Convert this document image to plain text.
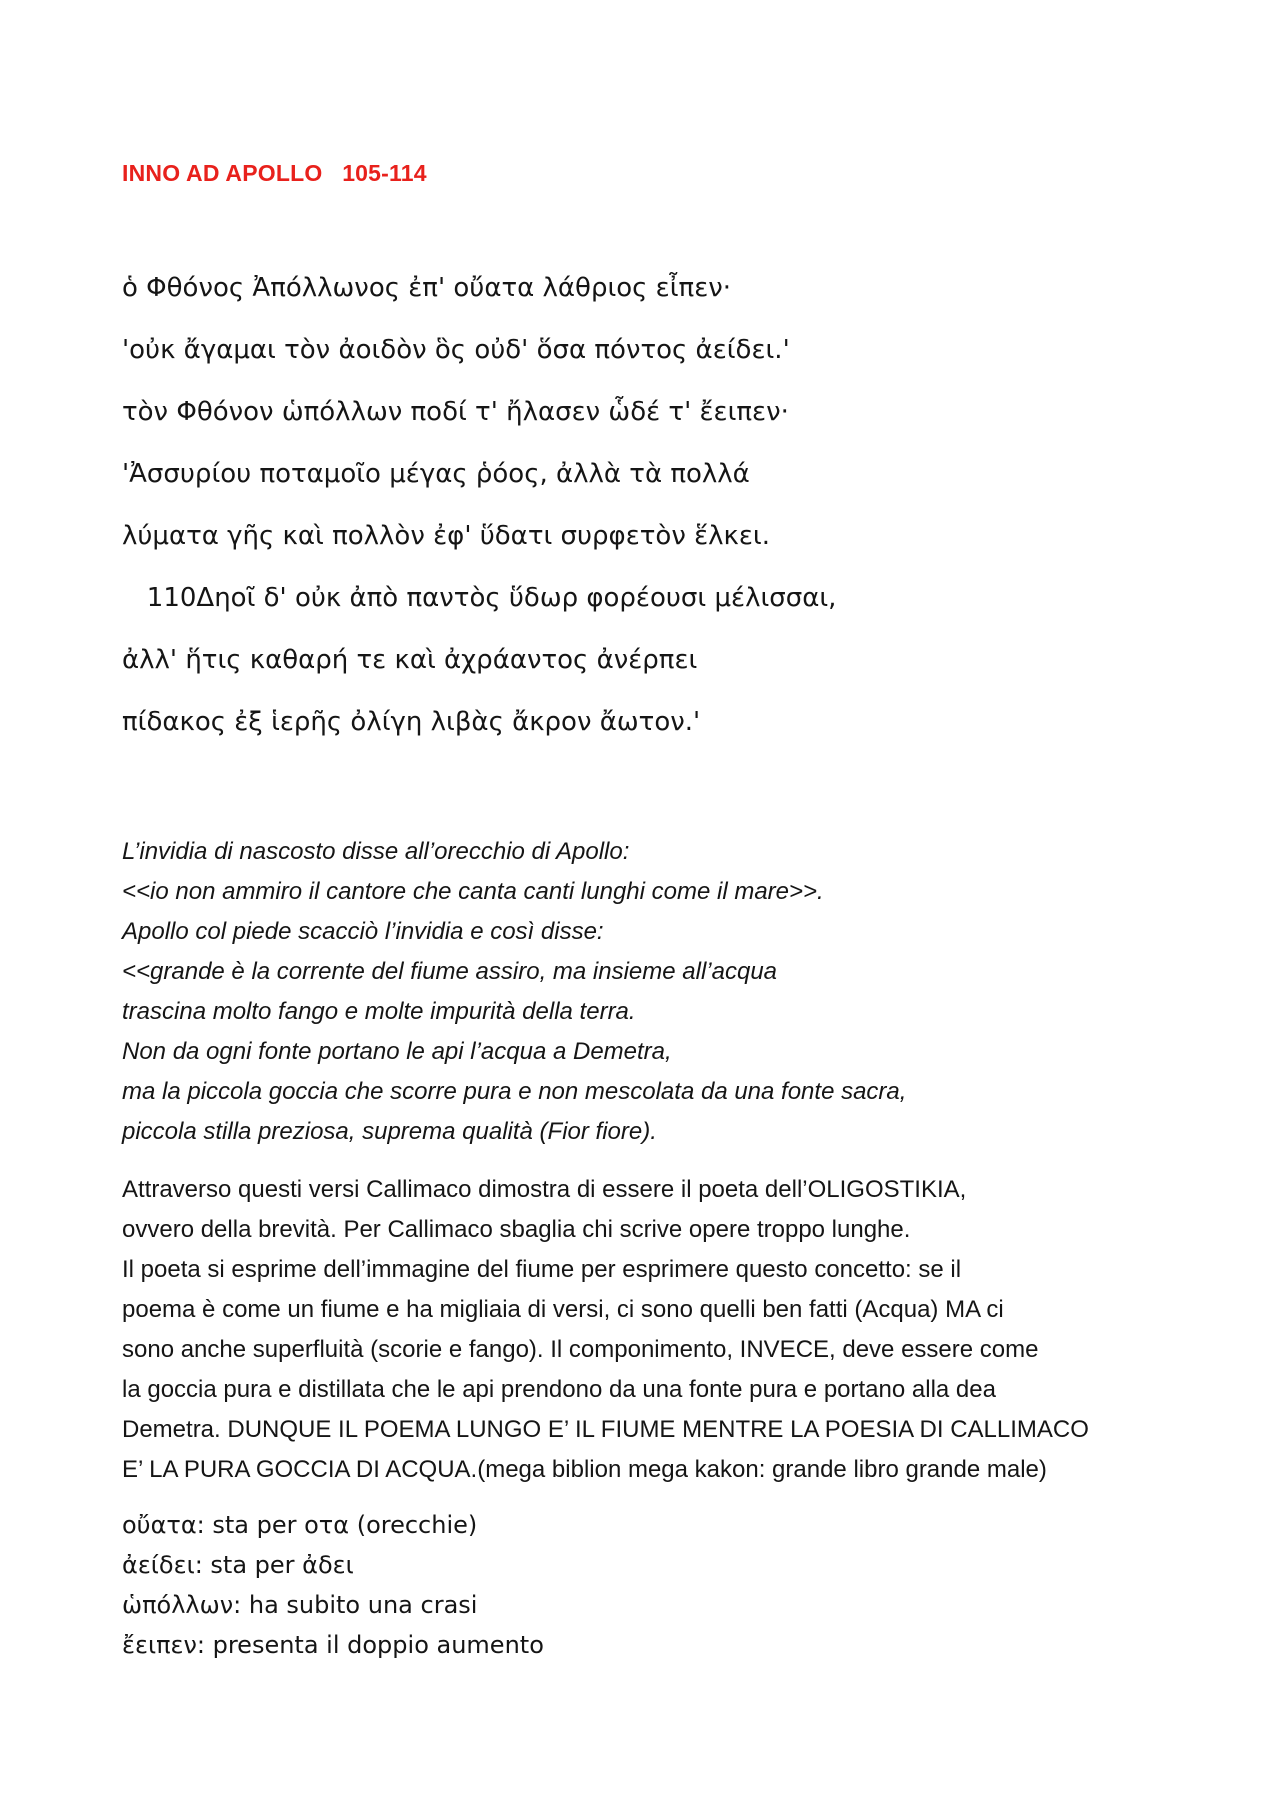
INNO AD APOLLO   105-114
ὁ Φθόνος Ἀπόλλωνος ἐπ' οὔατα λάθριος εἶπεν·
'οὐκ ἄγαμαι τὸν ἀοιδὸν ὃς οὐδ' ὅσα πόντος ἀείδει.'
τὸν Φθόνον ὡπόλλων ποδί τ' ἤλασεν ὧδέ τ' ἔειπεν·
'Ἀσσυρίου ποταμοῖο μέγας ῥόος, ἀλλὰ τὰ πολλά
λύματα γῆς καὶ πολλὸν ἐφ' ὕδατι συρφετὸν ἕλκει.
110Δηοῖ δ' οὐκ ἀπὸ παντὸς ὕδωρ φορέουσι μέλισσαι,
ἀλλ' ἥτις καθαρή τε καὶ ἀχράαντος ἀνέρπει
πίδακος ἐξ ἱερῆς ὀλίγη λιβὰς ἄκρον ἄωτον.'
L’invidia di nascosto disse all’orecchio di Apollo:
<<io non ammiro il cantore che canta canti lunghi come il mare>>.
Apollo col piede scacciò l’invidia e così disse:
<<grande è la corrente del fiume assiro, ma insieme all’acqua
trascina molto fango e molte impurità della terra.
Non da ogni fonte portano le api l’acqua a Demetra,
ma la piccola goccia che scorre pura e non mescolata da una fonte sacra,
piccola stilla preziosa, suprema qualità (Fior fiore).
Attraverso questi versi Callimaco dimostra di essere il poeta dell’OLIGOSTIKIA,
ovvero della brevità. Per Callimaco sbaglia chi scrive opere troppo lunghe.
Il poeta si esprime dell’immagine del fiume per esprimere questo concetto: se il
poema è come un fiume e ha migliaia di versi, ci sono quelli ben fatti (Acqua) MA ci
sono anche superfluità (scorie e fango). Il componimento, INVECE, deve essere come
la goccia pura e distillata che le api prendono da una fonte pura e portano alla dea
Demetra. DUNQUE IL POEMA LUNGO E’ IL FIUME MENTRE LA POESIA DI CALLIMACO
E’ LA PURA GOCCIA DI ACQUA.(mega biblion mega kakon: grande libro grande male)
οὔατα: sta per οτα (orecchie)
ἀείδει: sta per ἀδει
ὡπόλλων: ha subito una crasi
ἔειπεν: presenta il doppio aumento
